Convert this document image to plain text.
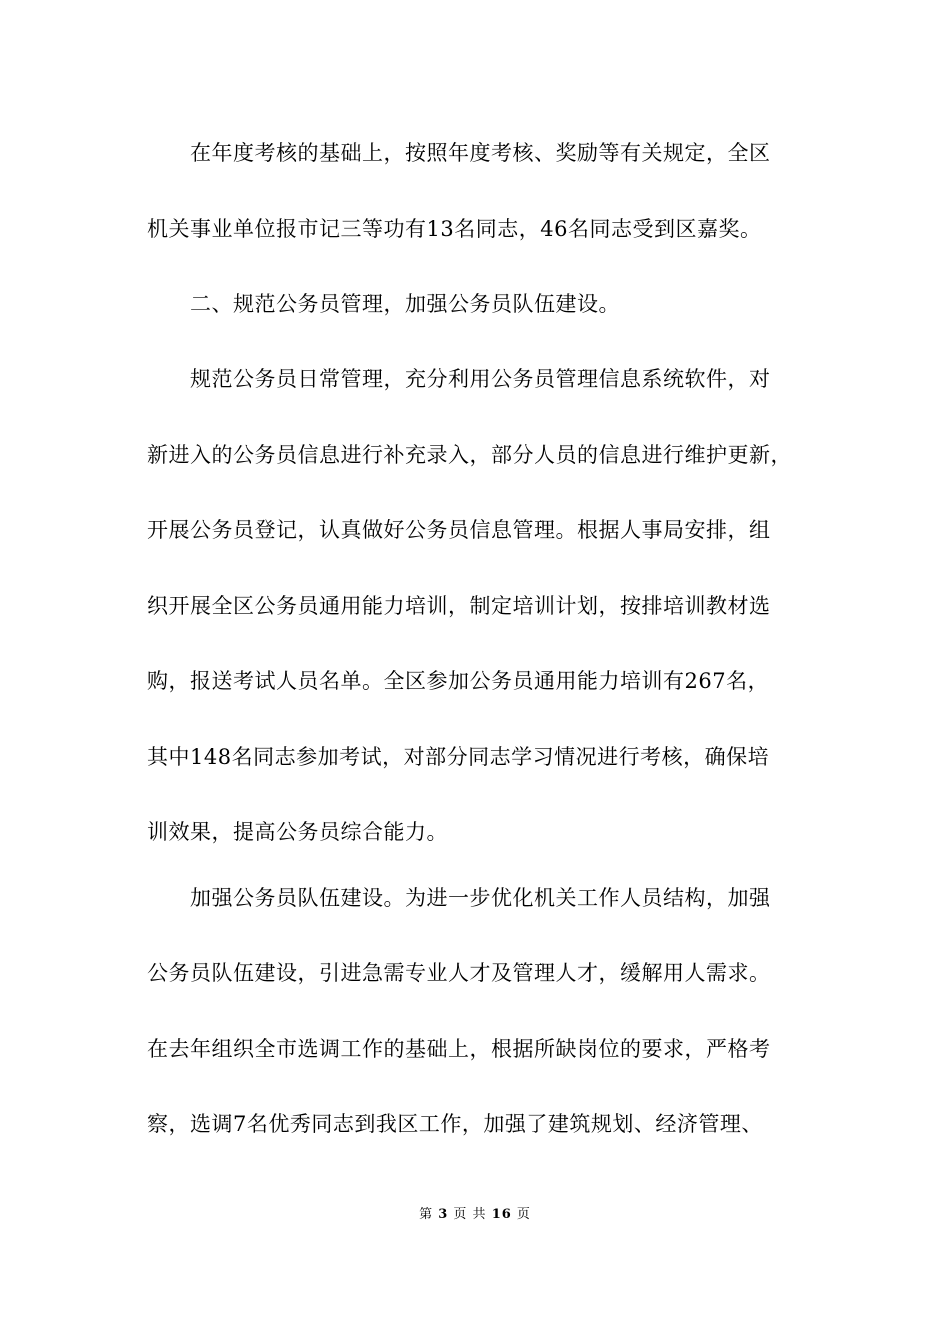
　　在年度考核的基础上，按照年度考核、奖励等有关规定，全区
机关事业单位报市记三等功有13名同志，46名同志受到区嘉奖。
　　二、规范公务员管理，加强公务员队伍建设。
　　规范公务员日常管理，充分利用公务员管理信息系统软件，对
新进入的公务员信息进行补充录入，部分人员的信息进行维护更新，
开展公务员登记，认真做好公务员信息管理。根据人事局安排，组
织开展全区公务员通用能力培训，制定培训计划，按排培训教材选
购，报送考试人员名单。全区参加公务员通用能力培训有267名，
其中148名同志参加考试，对部分同志学习情况进行考核，确保培
训效果，提高公务员综合能力。
　　加强公务员队伍建设。为进一步优化机关工作人员结构，加强
公务员队伍建设，引进急需专业人才及管理人才，缓解用人需求。
在去年组织全市选调工作的基础上，根据所缺岗位的要求，严格考
察，选调7名优秀同志到我区工作，加强了建筑规划、经济管理、
第 3 页 共 16 页
